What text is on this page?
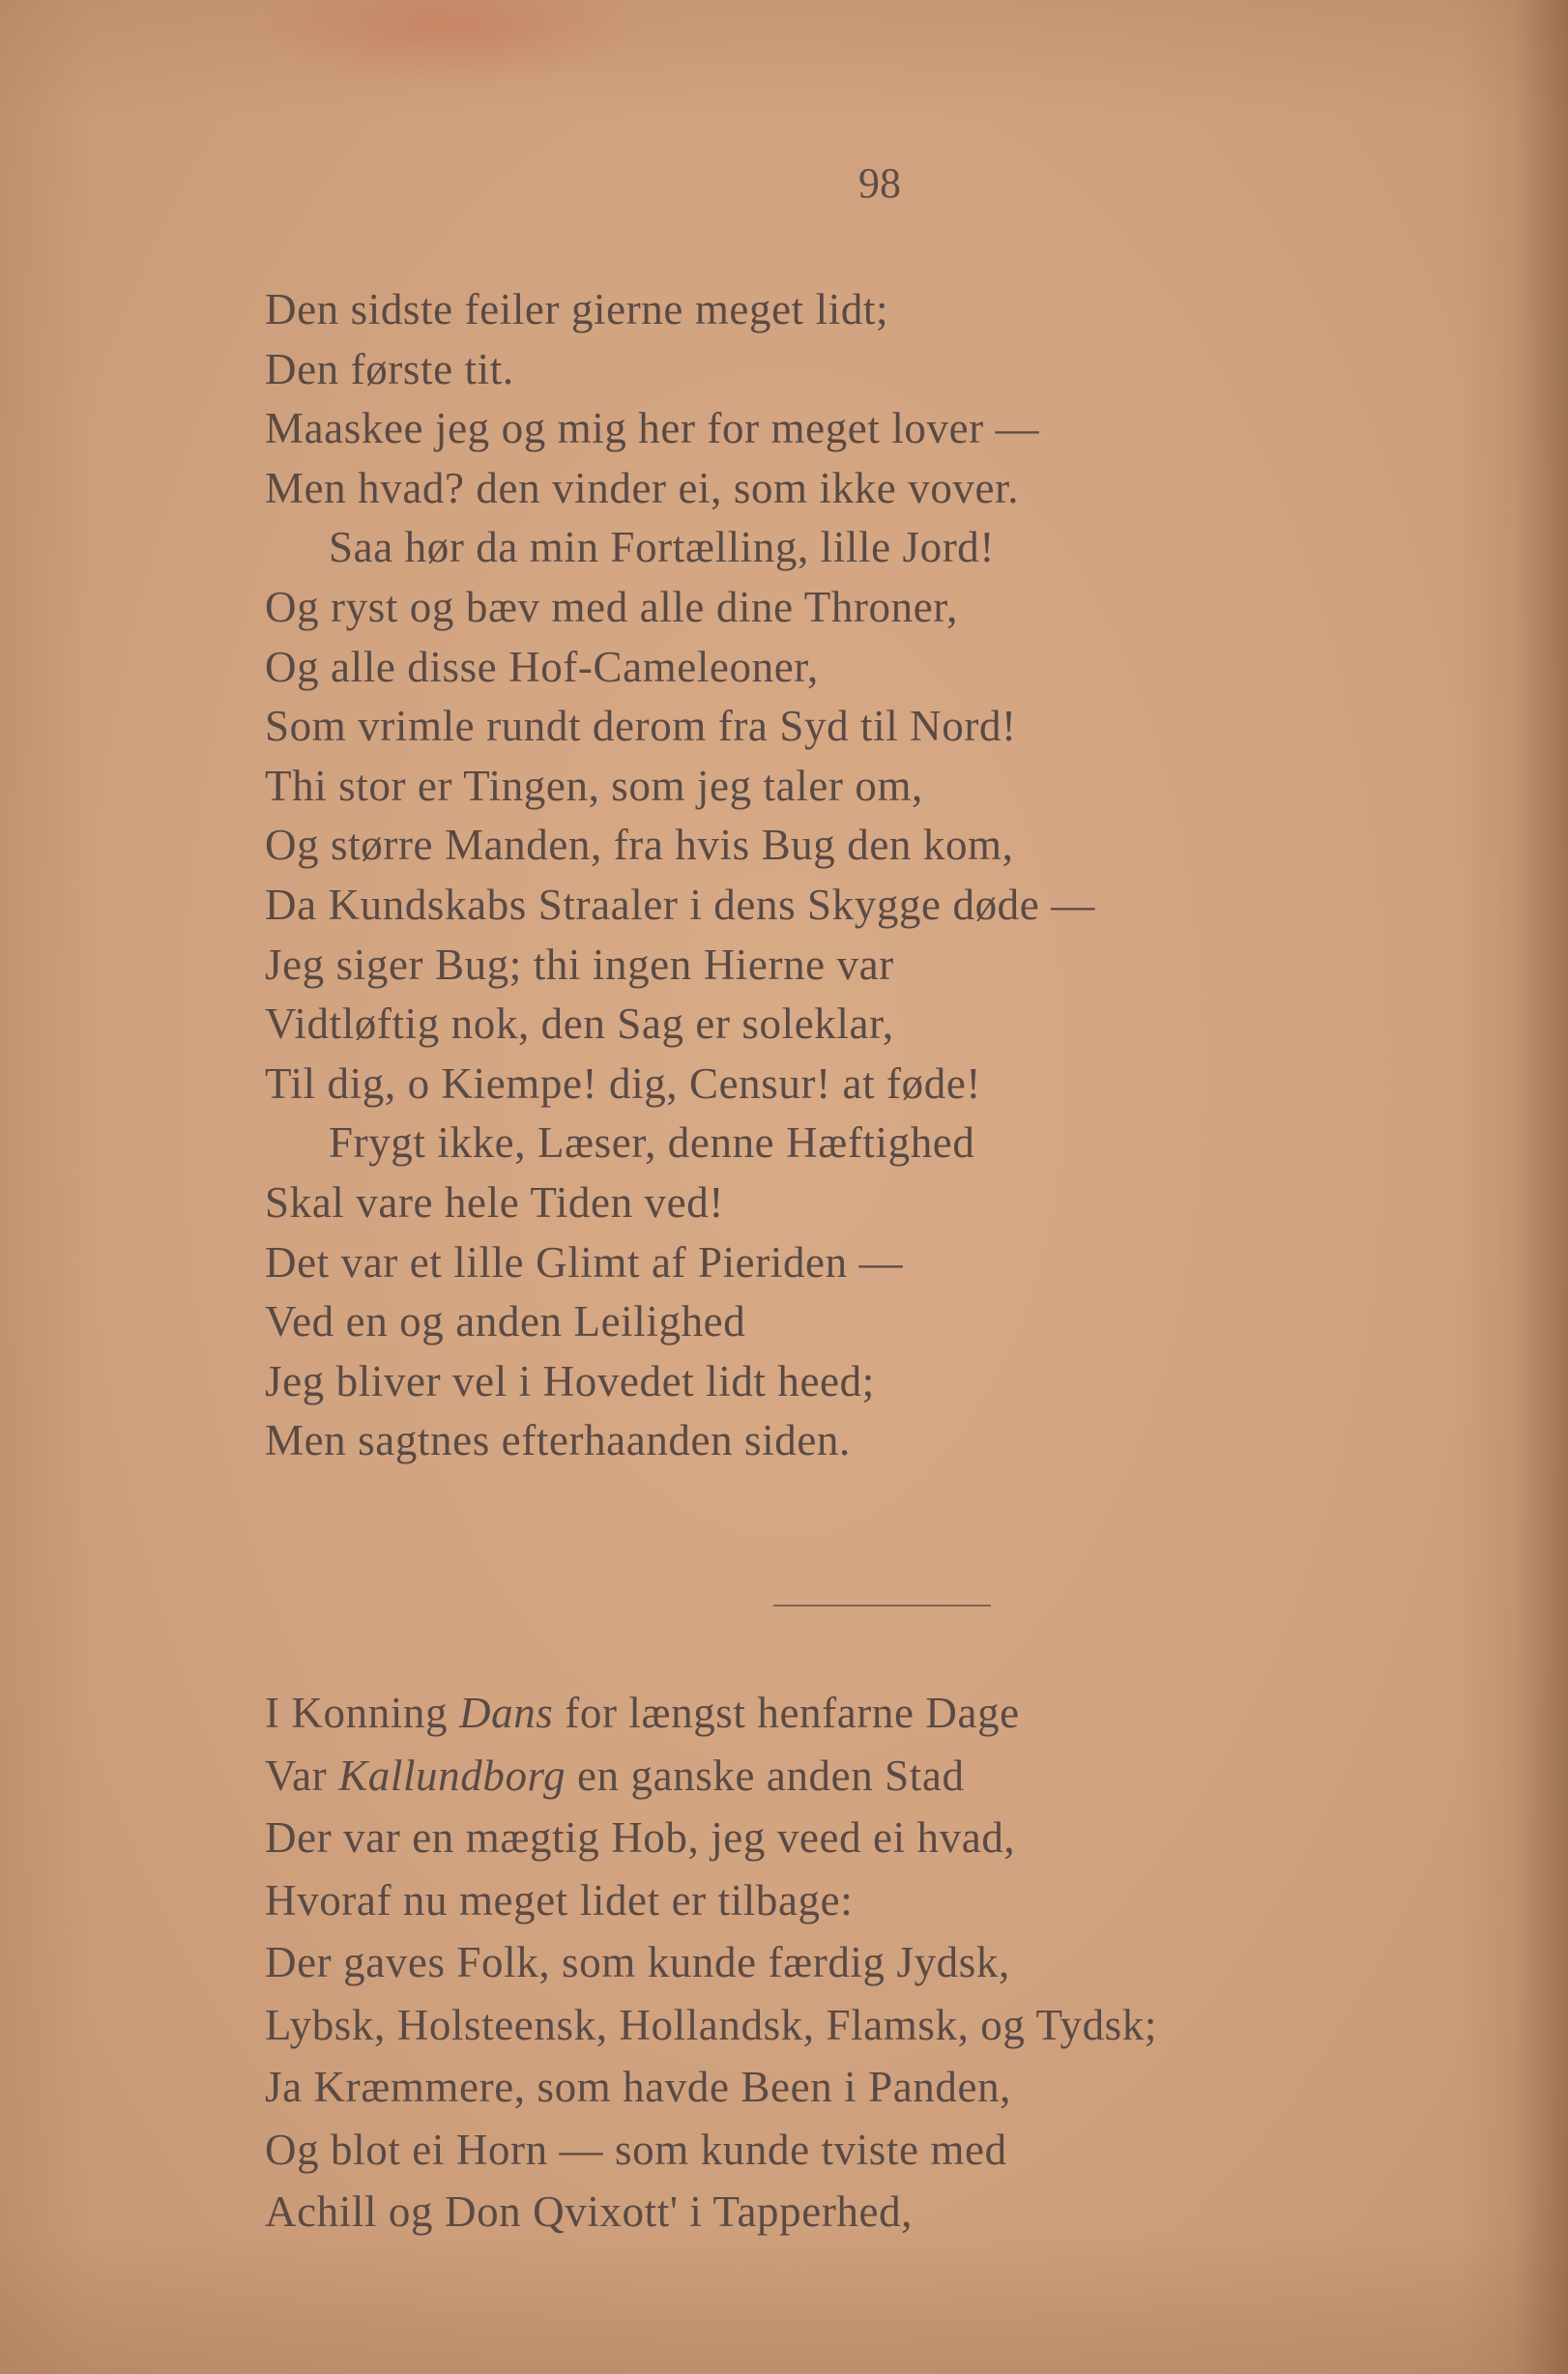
98
Den sidste feiler gierne meget lidt;
Den første tit.
Maaskee jeg og mig her for meget lover —
Men hvad? den vinder ei, som ikke vover.
Saa hør da min Fortælling, lille Jord!
Og ryst og bæv med alle dine Throner,
Og alle disse Hof-Cameleoner,
Som vrimle rundt derom fra Syd til Nord!
Thi stor er Tingen, som jeg taler om,
Og større Manden, fra hvis Bug den kom,
Da Kundskabs Straaler i dens Skygge døde —
Jeg siger Bug; thi ingen Hierne var
Vidtløftig nok, den Sag er soleklar,
Til dig, o Kiempe! dig, Censur! at føde!
Frygt ikke, Læser, denne Hæftighed
Skal vare hele Tiden ved!
Det var et lille Glimt af Pieriden —
Ved en og anden Leilighed
Jeg bliver vel i Hovedet lidt heed;
Men sagtnes efterhaanden siden.
I Konning Dans for længst henfarne Dage
Var Kallundborg en ganske anden Stad
Der var en mægtig Hob, jeg veed ei hvad,
Hvoraf nu meget lidet er tilbage:
Der gaves Folk, som kunde færdig Jydsk,
Lybsk, Holsteensk, Hollandsk, Flamsk, og Tydsk;
Ja Kræmmere, som havde Been i Panden,
Og blot ei Horn — som kunde tviste med
Achill og Don Qvixott' i Tapperhed,
